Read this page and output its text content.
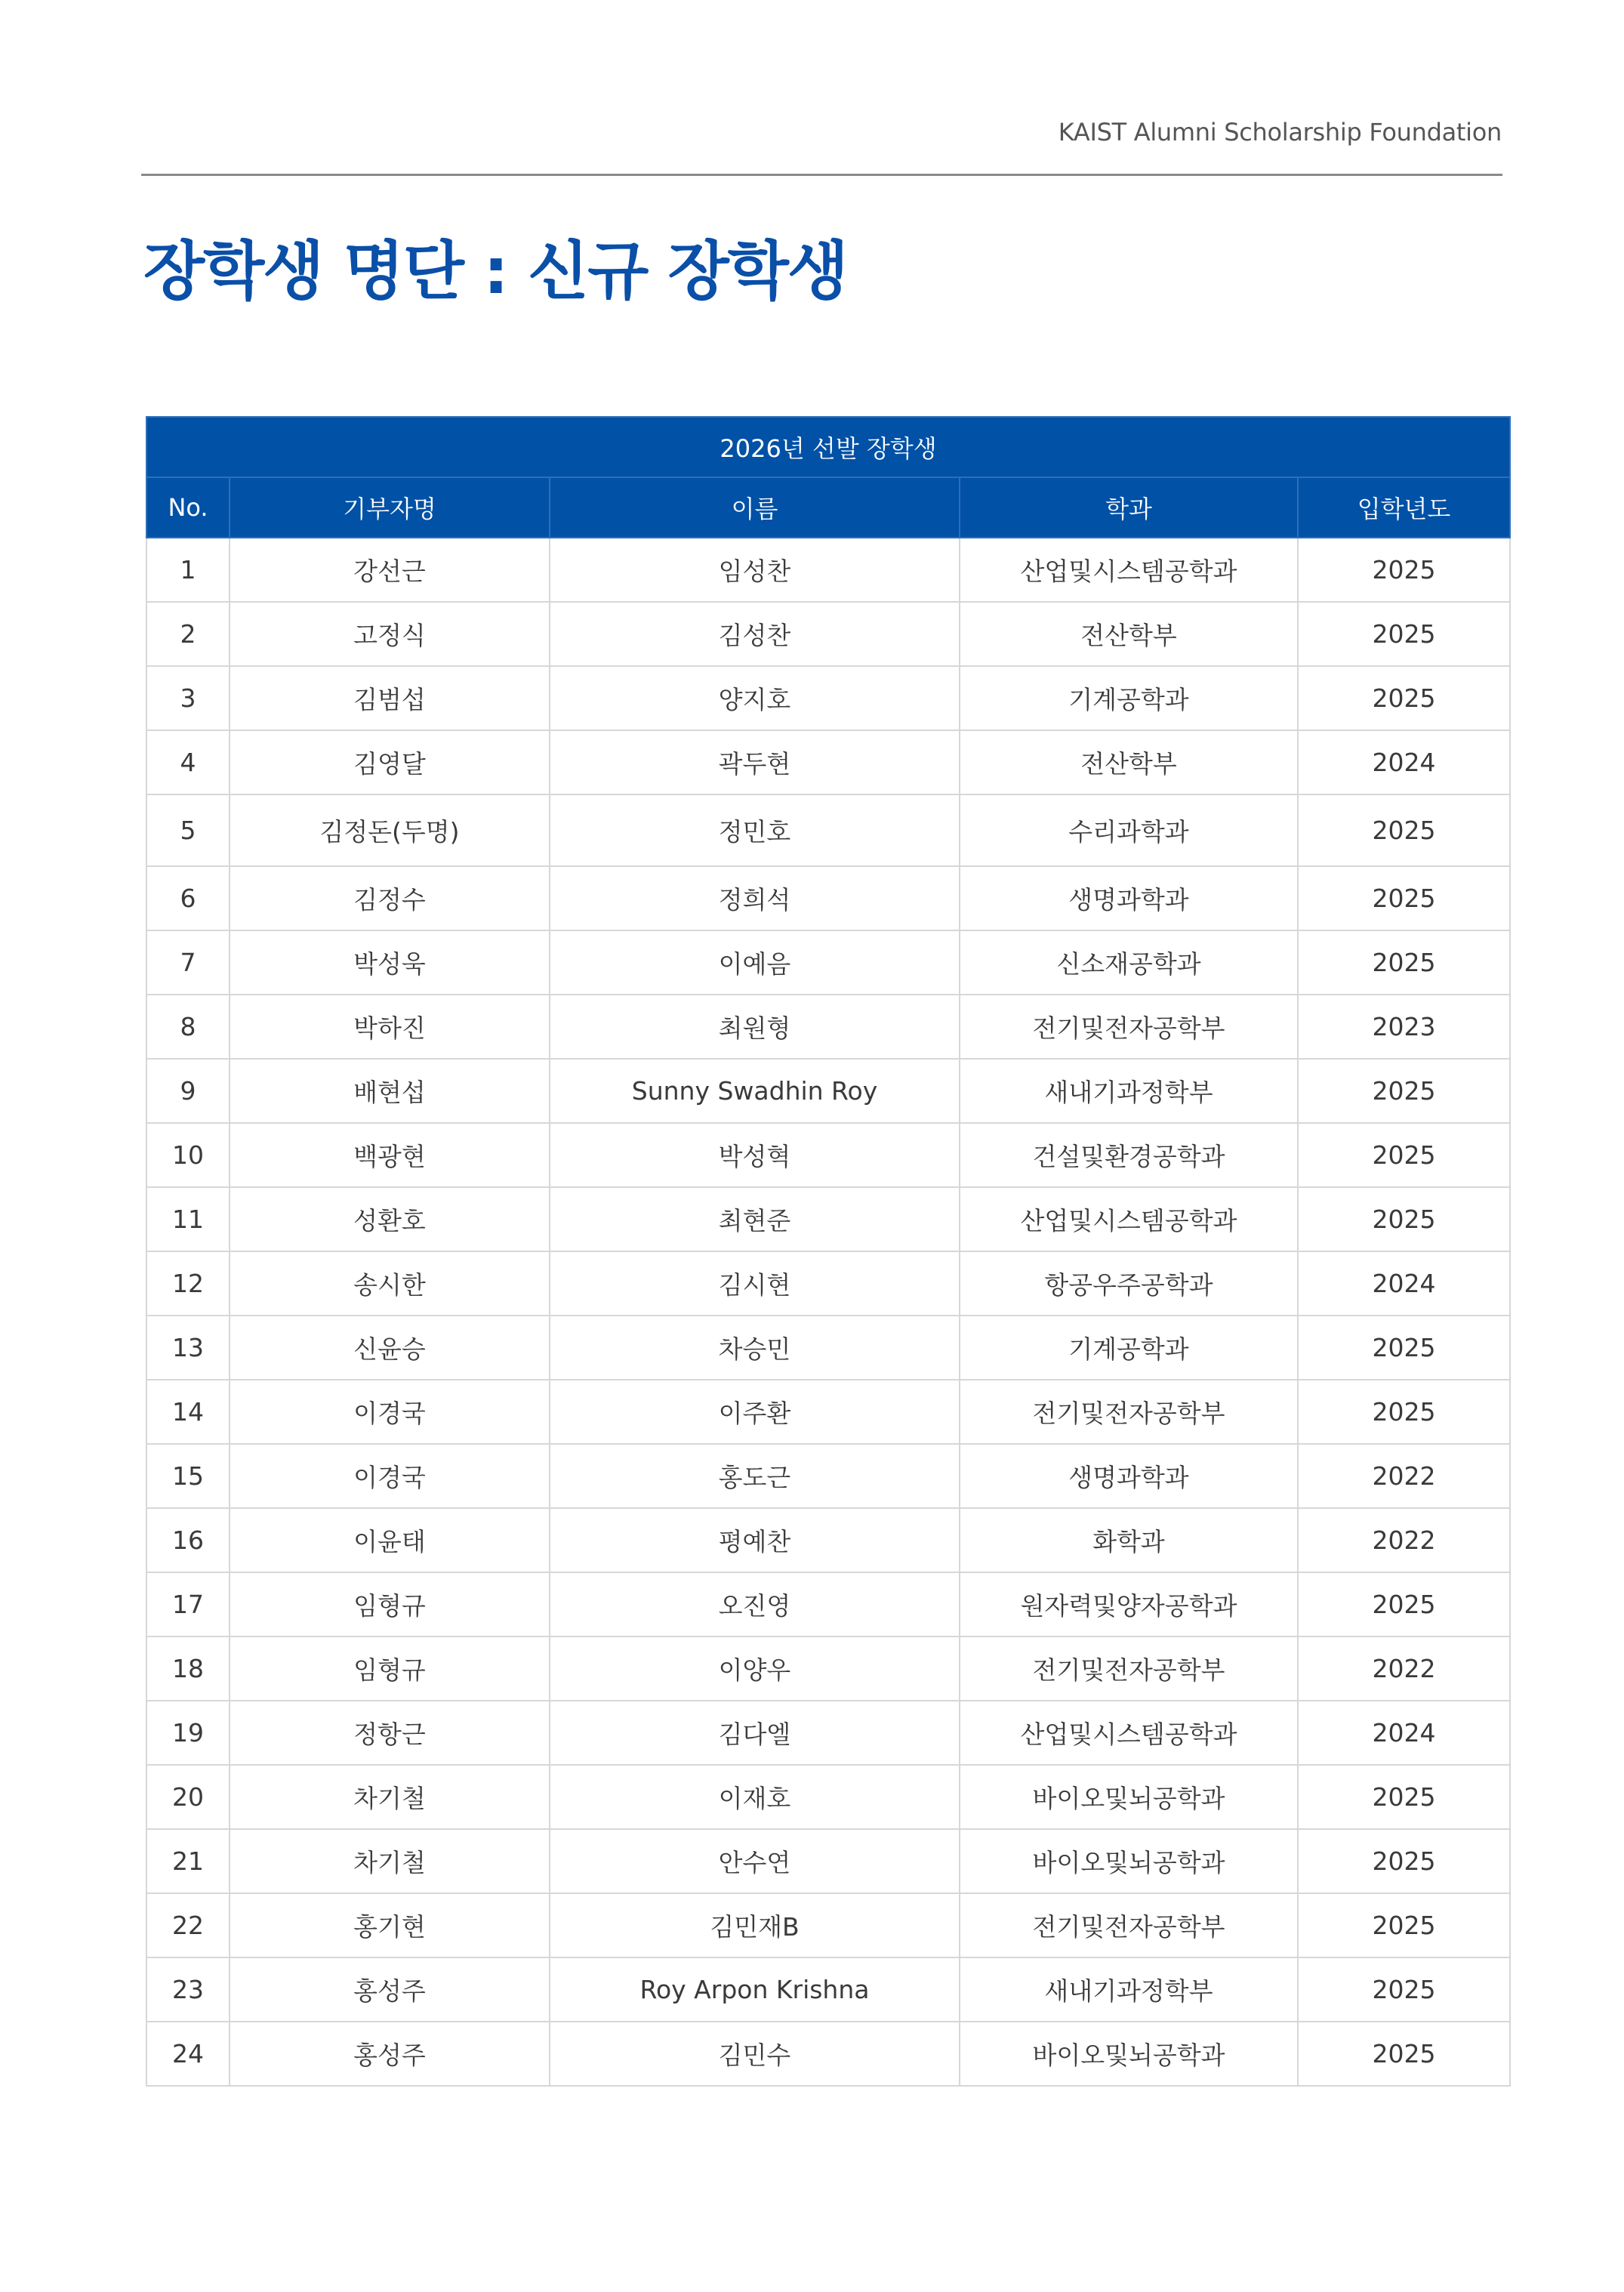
KAIST Alumni Scholarship Foundation
장학생 명단 : 신규 장학생
2026년 선발 장학생				
No.	기부자명	이름	학과	입학년도
1	강선근	임성찬	산업및시스템공학과	2025
2	고정식	김성찬	전산학부	2025
3	김범섭	양지호	기계공학과	2025
4	김영달	곽두현	전산학부	2024
5	김정돈(두명)	정민호	수리과학과	2025
6	김정수	정희석	생명과학과	2025
7	박성욱	이예음	신소재공학과	2025
8	박하진	최원형	전기및전자공학부	2023
9	배현섭	Sunny Swadhin Roy	새내기과정학부	2025
10	백광현	박성혁	건설및환경공학과	2025
11	성환호	최현준	산업및시스템공학과	2025
12	송시한	김시현	항공우주공학과	2024
13	신윤승	차승민	기계공학과	2025
14	이경국	이주환	전기및전자공학부	2025
15	이경국	홍도근	생명과학과	2022
16	이윤태	평예찬	화학과	2022
17	임형규	오진영	원자력및양자공학과	2025
18	임형규	이양우	전기및전자공학부	2022
19	정항근	김다엘	산업및시스템공학과	2024
20	차기철	이재호	바이오및뇌공학과	2025
21	차기철	안수연	바이오및뇌공학과	2025
22	홍기현	김민재B	전기및전자공학부	2025
23	홍성주	Roy Arpon Krishna	새내기과정학부	2025
24	홍성주	김민수	바이오및뇌공학과	2025
